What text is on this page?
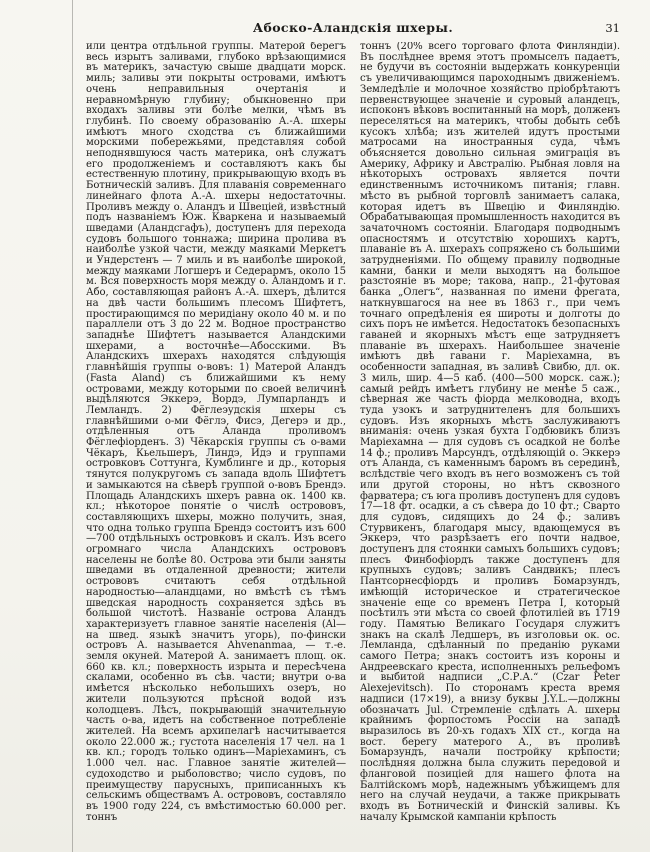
Абоско-Аландскія шхеры.	31
или центра отдѣльной группы. Матерой берегъ весь изрытъ заливами, глубоко врѣзающимися въ материкъ, зачастую свыше двадцати морск. миль; заливы эти покрыты островами, имѣютъ очень неправильныя очертанія и неравномѣрную глубину; обыкновенно при входахъ заливы эти болѣе мелки, чѣмъ въ глубинѣ. По своему образованію А.-А. шхеры имѣютъ много сходства съ ближайшими морскими побережьями, представляя собой неподнявшуюся часть материка, онѣ служатъ его продолженіемъ и составляютъ какъ бы естественную плотину, прикрывающую входъ въ Ботническій заливъ. Для плаванія современнаго линейнаго флота А.-А. шхеры недостаточны. Проливъ между о. Аландъ и Швеціей, извѣстный подъ названіемъ Юж. Кваркена и называемый шведами (Аландсгафъ), доступенъ для перехода судовъ большого тоннажа; ширина пролива въ наиболѣе узкой части, между маяками Меркетъ и Ундерстенъ — 7 миль и въ наиболѣе широкой, между маяками Логшеръ и Седерармъ, около 15 м. Вся поверхность моря между о. Аландомъ и г. Або, составляющая районъ А.-А. шхеръ, дѣлится на двѣ части большимъ плесомъ Шифтетъ, простирающимся по меридіану около 40 м. и по параллели отъ 3 до 22 м. Водное пространство западнѣе Шифтетъ называется Аландскими шхерами, а восточнѣе—Абосскими. Въ Аландскихъ шхерахъ находятся слѣдующія главнѣйшія группы о-вовъ: 1) Матерой Аландъ (Fasta Aland) съ ближайшими къ нему островами, между которыми по своей величинѣ выдѣляются Эккерэ, Вордэ, Лумпарландъ и Лемландъ. 2) Фёглеэудскія шхеры съ главнѣйшими о-ми Фёглэ, Фисэ, Дегерэ и др., отдѣленныя отъ Аланда проливомъ Фёглефіорденъ. 3) Чёкарскія группы съ о-вами Чёкаръ, Кьельшеръ, Линдэ, Идэ и группами островковъ Соттунга, Кумблинге и др., которыя тянутся полукругомъ съ запада вдоль Шифтетъ и замыкаются на сѣверѣ группой о-вовъ Брендэ. Площадь Аландскихъ шхеръ равна ок. 1400 кв. кл.; нѣкоторое понятіе о числѣ острововъ, составляющихъ шхеры, можно получить, зная, что одна только группа Брендэ состоитъ изъ 600—700 отдѣльныхъ островковъ и скалъ. Изъ всего огромнаго числа Аландскихъ острововъ населены не болѣе 80. Острова эти были заняты шведами въ отдаленной древности; жители острововъ считаютъ себя отдѣльной народностью—аландцами, но вмѣстѣ съ тѣмъ шведская народность сохраняется здѣсь въ большой чистотѣ. Названіе острова Аландъ характеризуетъ главное занятіе населенія (Al—на швед. языкѣ значитъ угорь), по-фински островъ А. называется Ahvenanmaa, — т.-е. земля окуней. Матерой А. занимаетъ площ. ок. 660 кв. кл.; поверхность изрыта и пересѣчена скалами, особенно въ сѣв. части; внутри о-ва имѣется нѣсколько небольшихъ озеръ, но жители пользуются прѣсной водой изъ колодцевъ. Лѣсъ, покрывающій значительную часть о-ва, идетъ на собственное потребленіе жителей. На всемъ архипелагѣ насчитывается около 22.000 ж.; густота населенія 17 чел. на 1 кв. кл.; городъ только одинъ—Маріехаминъ, съ 1.000 чел. нас. Главное занятіе жителей—судоходство и рыболовство; число судовъ, по преимуществу парусныхъ, приписанныхъ къ сельскимъ обществамъ А. острововъ, составляло въ 1900 году 224, съ вмѣстимостью 60.000 рег. тоннъ
тоннъ (20% всего торговаго флота Финляндіи). Въ послѣднее время этотъ промыселъ падаетъ, не будучи въ состояніи выдержать конкуренціи съ увеличивающимся пароходнымъ движеніемъ. Земледѣліе и молочное хозяйство пріобрѣтаютъ первенствующее значеніе и суровый аландецъ, испоконъ вѣковъ воспитанный на морѣ, долженъ переселяться на материкъ, чтобы добыть себѣ кусокъ хлѣба; изъ жителей идутъ простыми матросами на иностранныя суда, чѣмъ объясняется довольно сильная эмиграція въ Америку, Африку и Австралію. Рыбная ловля на нѣкоторыхъ островахъ является почти единственнымъ источникомъ питанія; главн. мѣсто въ рыбной торговлѣ занимаетъ салака, которая идетъ въ Швецію и Финляндію. Обрабатывающая промышленность находится въ зачаточномъ состояніи. Благодаря подводнымъ опасностямъ и отсутствію хорошихъ картъ, плаваніе въ А. шхерахъ сопряжено съ большими затрудненіями. По общему правилу подводные камни, банки и мели выходятъ на большое разстояніе въ море; такова, напр., 21-футовая банка „Олегъ“, названная по имени фрегата, наткнувшагося на нее въ 1863 г., при чемъ точнаго опредѣленія ея широты и долготы до сихъ поръ не имѣется. Недостатокъ безопасныхъ гаваней и якорныхъ мѣстъ еще затрудняетъ плаваніе въ шхерахъ. Наибольшее значеніе имѣютъ двѣ гавани г. Маріехамна, въ особенности западная, въ заливѣ Свибю, дл. ок. 3 миль, шир. 4—5 каб. (400—500 морск. саж.); самый рейдъ имѣетъ глубину не менѣе 5 саж., сѣверная же часть фіорда мелководна, входъ туда узокъ и затруднителенъ для большихъ судовъ. Изъ якорныхъ мѣстъ заслуживаютъ вниманія: очень узкая бухта Годбювикъ близъ Маріехамна — для судовъ съ осадкой не болѣе 14 ф.; проливъ Марсундъ, отдѣляющій о. Эккерэ отъ Аланда, съ каменнымъ баромъ въ серединѣ, вслѣдствіе чего входъ въ него возможенъ съ той или другой стороны, но нѣтъ сквозного фарватера; съ юга проливъ доступенъ для судовъ 17—18 фт. осадки, а съ сѣвера до 10 фт.; Сварто для судовъ, сидящихъ до 24 ф.; заливъ Стурвикенъ, благодаря мысу, вдающемуся въ Эккерэ, что разрѣзаетъ его почти надвое, доступенъ для стоянки самыхъ большихъ судовъ; плесъ Финбофіордъ также доступенъ для крупныхъ судовъ; заливъ Сандвикъ; плесъ Пантсорнесфіордъ и проливъ Бомарзундъ, имѣющій историческое и стратегическое значеніе еще со временъ Петра I, который посѣтилъ эти мѣста со своей флотиліей въ 1719 году. Памятью Великаго Государя служитъ знакъ на скалѣ Ледшеръ, въ изголовьи ок. ос. Лемланда, сдѣланный по преданію руками самого Петра; знакъ состоитъ изъ короны и Андреевскаго креста, исполненныхъ рельефомъ и выбитой надписи „С.Р.А.“ (Czar Peter Alexejevitsch). По сторонамъ креста время надписи (17×19), а внизу буквы J.Y.L.—должны обозначать Jul. Стремленіе сдѣлать А. шхеры крайнимъ форпостомъ Россіи на западѣ выразилось въ 20-хъ годахъ XIX ст., когда на вост. берегу матерого А., въ проливѣ Бомарзундъ, начали постройку крѣпости; послѣдняя должна была служить передовой и фланговой позиціей для нашего флота на Балтійскомъ морѣ, надежнымъ убѣжищемъ для него на случай неудачи, а также прикрывать входъ въ Ботническій и Финскій заливы. Къ началу Крымской кампаніи крѣпость
